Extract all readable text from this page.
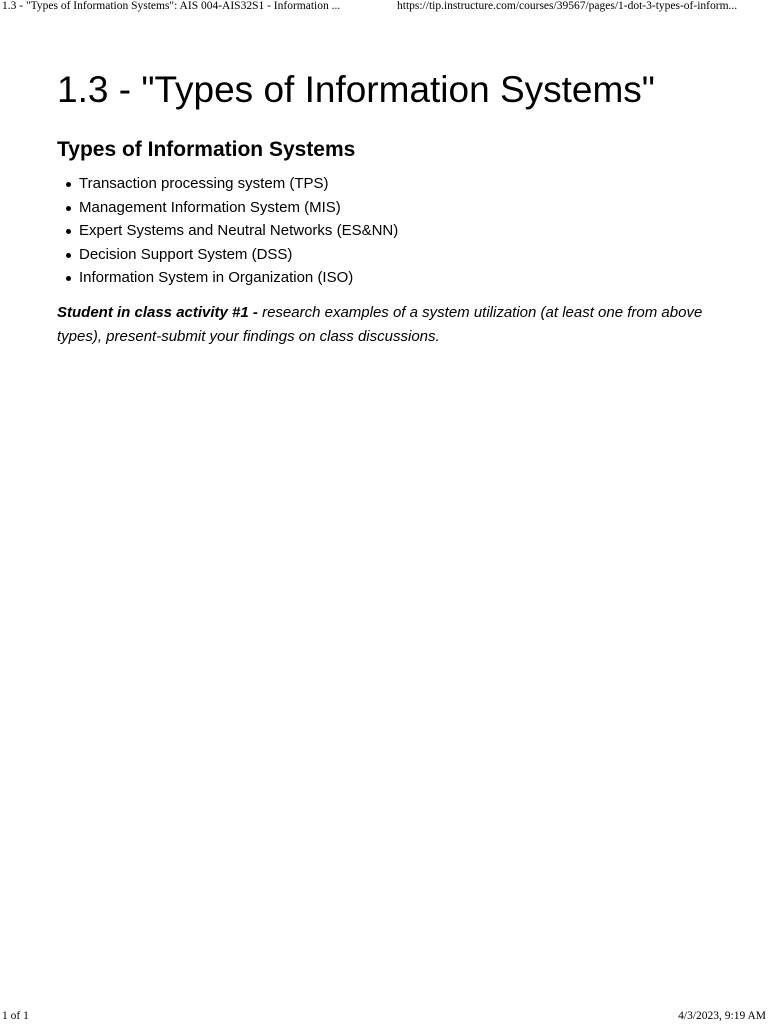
1.3 - "Types of Information Systems": AIS 004-AIS32S1 - Information ...	https://tip.instructure.com/courses/39567/pages/1-dot-3-types-of-inform...
1.3 - "Types of Information Systems"
Types of Information Systems
Transaction processing system (TPS)
Management Information System (MIS)
Expert Systems and Neutral Networks (ES&NN)
Decision Support System (DSS)
Information System in Organization (ISO)

Student in class activity #1 - research examples of a system utilization (at least one from above types), present-submit your findings on class discussions.

1 of 1	4/3/2023, 9:19 AM
